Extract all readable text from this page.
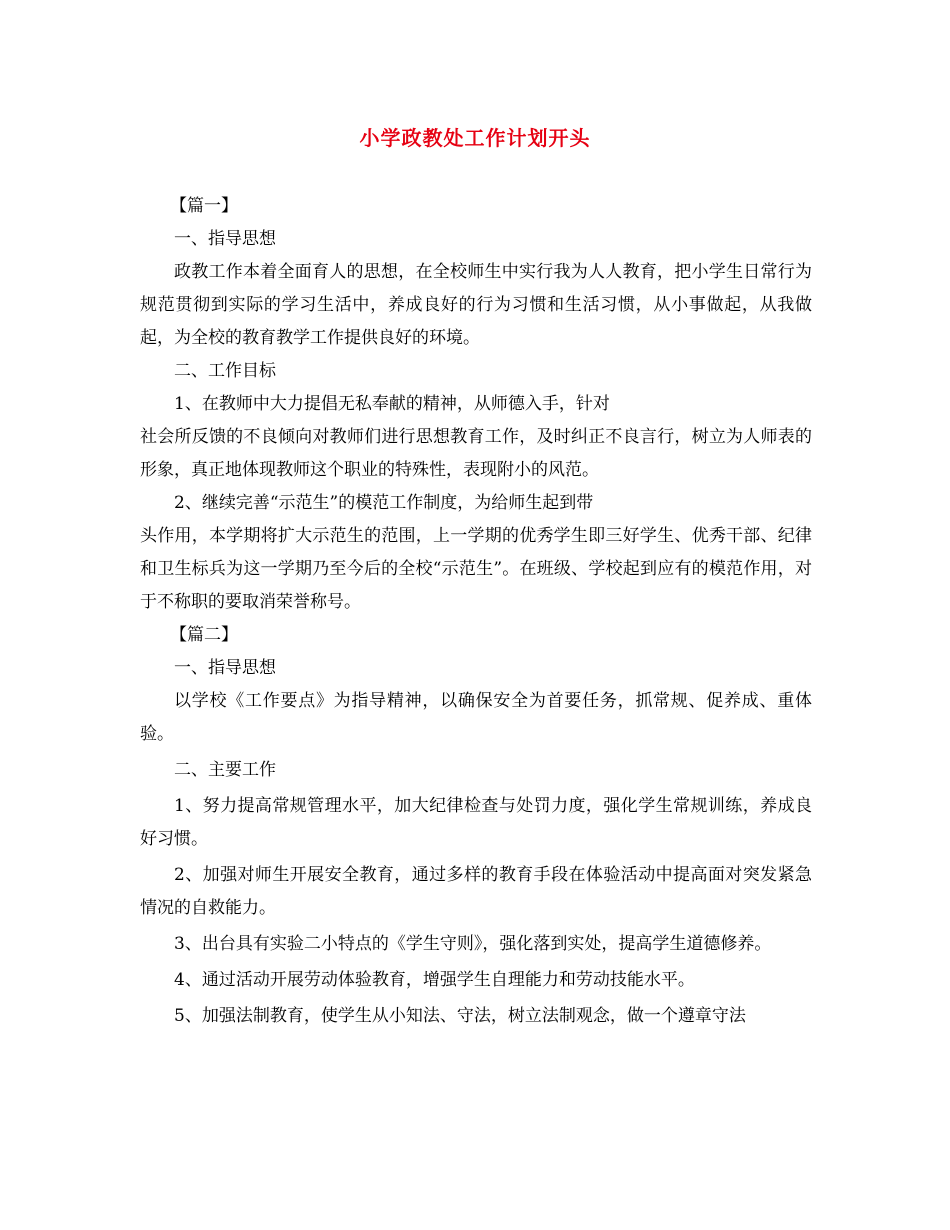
小学政教处工作计划开头
【篇一】
一、指导思想
政教工作本着全面育人的思想，在全校师生中实行我为人人教育，把小学生日常行为规范贯彻到实际的学习生活中，养成良好的行为习惯和生活习惯，从小事做起，从我做起，为全校的教育教学工作提供良好的环境。
二、工作目标
1、在教师中大力提倡无私奉献的精神，从师德入手，针对
社会所反馈的不良倾向对教师们进行思想教育工作，及时纠正不良言行，树立为人师表的形象，真正地体现教师这个职业的特殊性，表现附小的风范。
2、继续完善“示范生”的模范工作制度，为给师生起到带
头作用，本学期将扩大示范生的范围，上一学期的优秀学生即三好学生、优秀干部、纪律和卫生标兵为这一学期乃至今后的全校“示范生”。在班级、学校起到应有的模范作用，对于不称职的要取消荣誉称号。
【篇二】
一、指导思想
以学校《工作要点》为指导精神，以确保安全为首要任务，抓常规、促养成、重体验。
二、主要工作
1、努力提高常规管理水平，加大纪律检查与处罚力度，强化学生常规训练，养成良好习惯。
2、加强对师生开展安全教育，通过多样的教育手段在体验活动中提高面对突发紧急情况的自救能力。
3、出台具有实验二小特点的《学生守则》，强化落到实处，提高学生道德修养。
4、通过活动开展劳动体验教育，增强学生自理能力和劳动技能水平。
5、加强法制教育，使学生从小知法、守法，树立法制观念，做一个遵章守法
